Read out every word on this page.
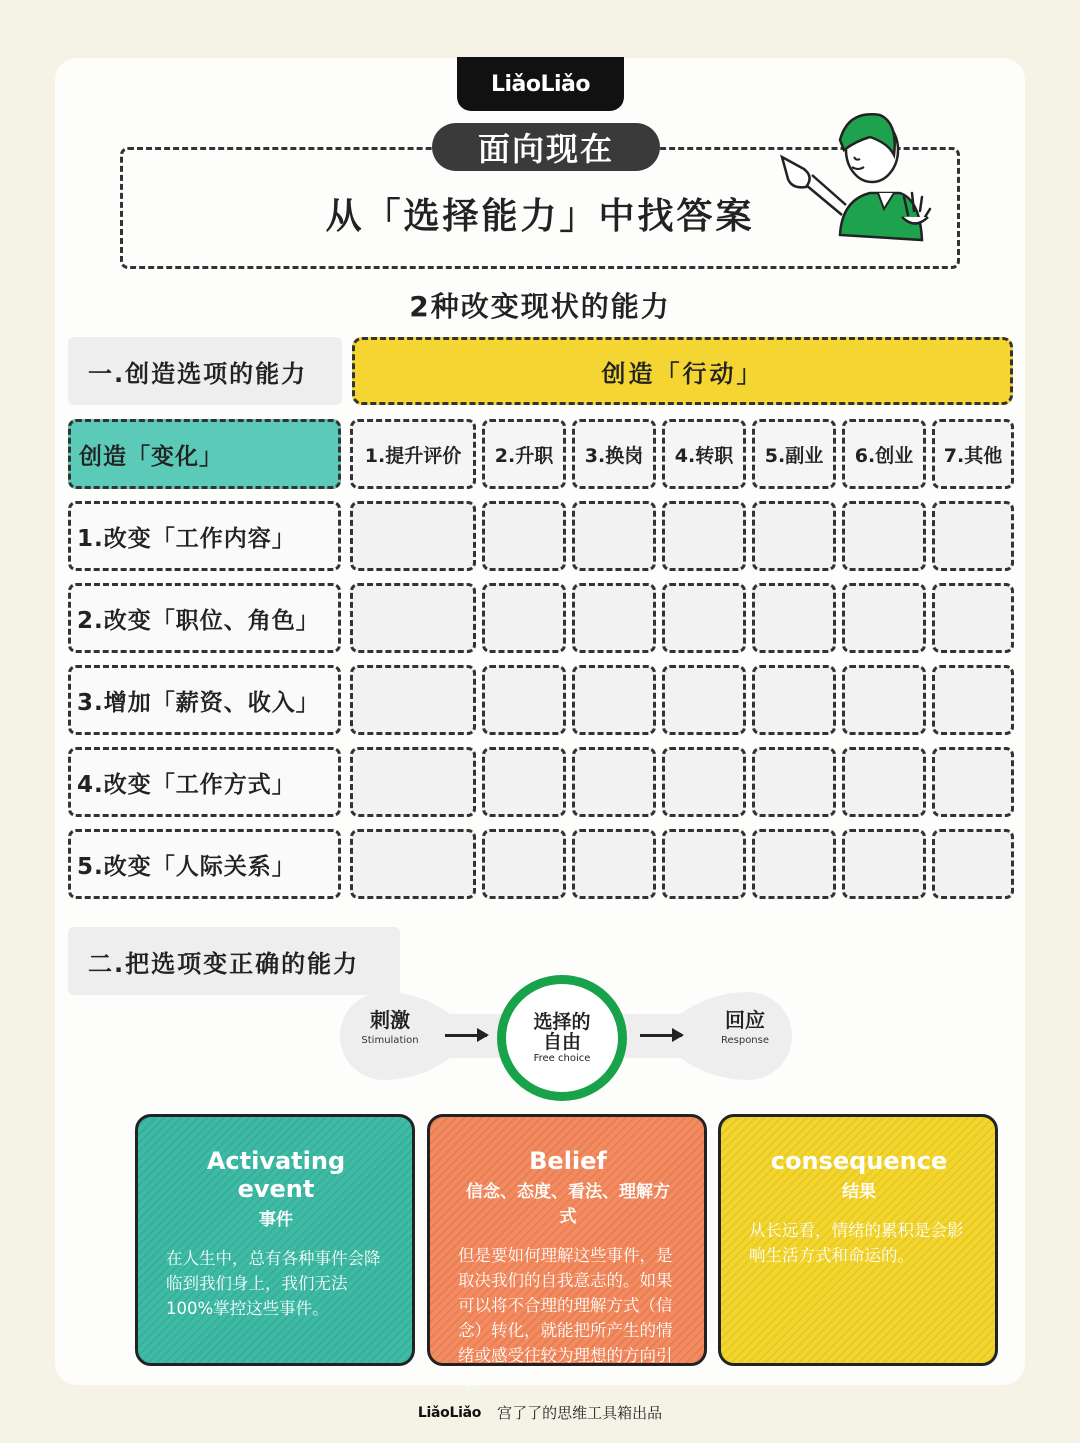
LiǎoLiǎo
面向现在
从「选择能力」中找答案
2种改变现状的能力
一.创造选项的能力	创造「行动」
创造「变化」	1.提升评价	2.升职	3.换岗	4.转职	5.副业	6.创业	7.其他
1.改变「工作内容」
2.改变「职位、角色」
3.增加「薪资、收入」
4.改变「工作方式」
5.改变「人际关系」
二.把选项变正确的能力
刺激
Stimulation
回应
Response
选择的
自由
Free choice
Activating event
事件
在人生中，总有各种事件会降临到我们身上，我们无法100%掌控这些事件。
Belief
信念、态度、看法、理解方式
但是要如何理解这些事件，是取决我们的自我意志的。如果可以将不合理的理解方式（信念）转化，就能把所产生的情绪或感受往较为理想的方向引导。
consequence
结果
从长远看，情绪的累积是会影响生活方式和命运的。
LiǎoLiǎo 宫了了的思维工具箱出品
